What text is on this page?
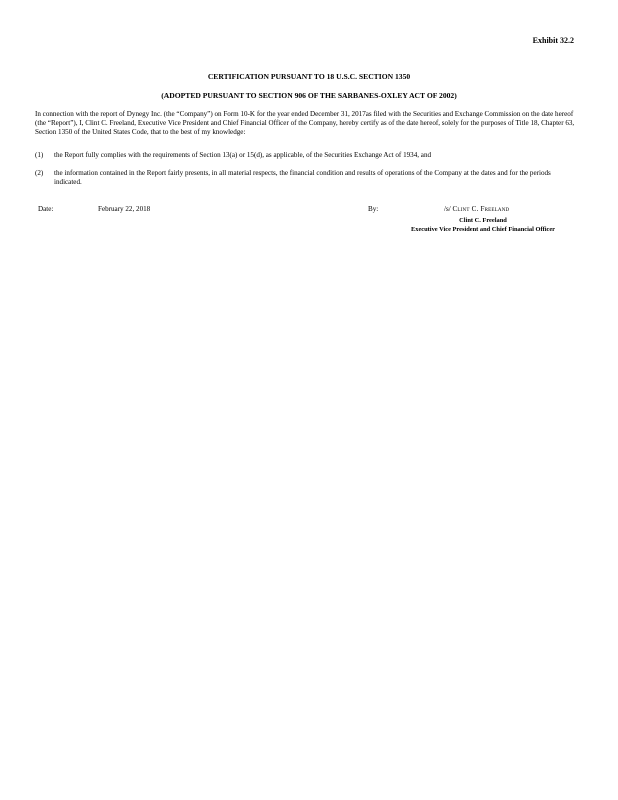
Exhibit 32.2
CERTIFICATION PURSUANT TO 18 U.S.C. SECTION 1350
(ADOPTED PURSUANT TO SECTION 906 OF THE SARBANES-OXLEY ACT OF 2002)
In connection with the report of Dynegy Inc. (the “Company”) on Form 10-K for the year ended December 31, 2017as filed with the Securities and Exchange Commission on the date hereof (the “Report”), I, Clint C. Freeland, Executive Vice President and Chief Financial Officer of the Company, hereby certify as of the date hereof, solely for the purposes of Title 18, Chapter 63, Section 1350 of the United States Code, that to the best of my knowledge:
(1) the Report fully complies with the requirements of Section 13(a) or 15(d), as applicable, of the Securities Exchange Act of 1934, and
(2) the information contained in the Report fairly presents, in all material respects, the financial condition and results of operations of the Company at the dates and for the periods indicated.
Date:	February 22, 2018	By:	/s/ Clint C. Freeland
Clint C. Freeland
Executive Vice President and Chief Financial Officer
